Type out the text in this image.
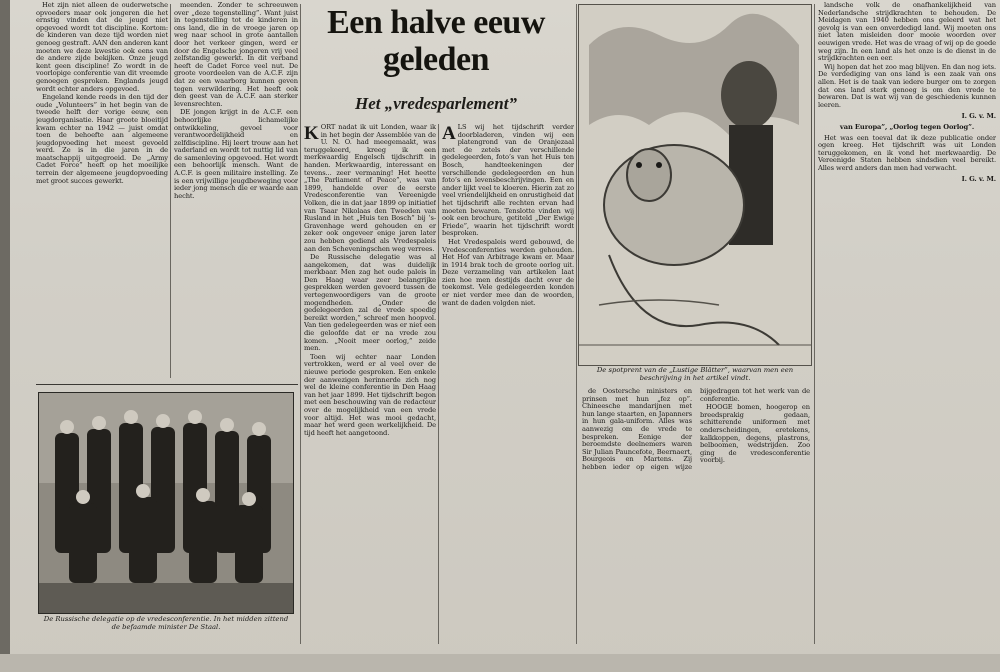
Het zijn niet alleen de ouderwetsche opvoeders maar ook jongeren die het ernstig vinden dat de jeugd niet opgevoed wordt tot discipline. Kortom: de kinderen van deze tijd worden niet genoeg gestraft. AAN den anderen kant moeten we deze kwestie ook eens van de andere zijde bekijken. Onze jeugd kent geen discipline! Zo wordt in de voorlopige conferentie van dit vreemde genoegen gesproken. Englands jeugd wordt echter anders opgevoed.

Engeland kende reeds in den tijd der oude „Volunteers” in het begin van de tweede helft der vorige eeuw, een jeugdorganisatie. Haar groote bloeitijd kwam echter na 1942 — juist omdat toen de behoefte aan algemeene jeugdopvoeding het meest gevoeld werd. Ze is in die jaren in de maatschappij uitgegroeid. De „Army Cadet Force” heeft op het moeilijke terrein der algemeene jeugdopvoeding met groot succes gewerkt.

meenden. Zonder te schreeuwen over „deze tegenstelling”. Want juist in tegenstelling tot de kinderen in ons land, die in de vroege jaren op weg naar school in grote aantallen door het verkeer gingen, werd er door de Engelsche jongeren vrij veel zelfstandig gewerkt. In dit verband heeft de Cadet Force veel nut. De groote voordeelen van de A.C.F. zijn dat ze een waarborg kunnen geven tegen verwildering. Het heeft ook den geest van de A.C.F. aan sterker levensrechten.

DE jongen krijgt in de A.C.F. een behoorlijke lichamelijke ontwikkeling, gevoel voor verantwoordelijkheid en zelfdiscipline. Hij leert trouw aan het vaderland en wordt tot nuttig lid van de samenleving opgevoed. Het wordt een behoorlijk mensch. Want de A.C.F. is geen militaire instelling. Ze is een vrijwillige jeugdbeweging voor ieder jong mensch die er waarde aan hecht.

Een halve eeuw geleden
Het „vredesparlement”

KORT nadat ik uit Londen, waar ik in het begin der Assemblée van de U. N. O. had meegemaakt, was teruggekeerd, kreeg ik een merkwaardig Engelsch tijdschrift in handen. Merkwaardig, interessant en tevens... zeer vermaning! Het heette „The Parliament of Peace”, was van 1899, handelde over de eerste Vredesconferentie van Vereenigde Volken, die in dat jaar 1899 op initiatief van Tsaar Nikolaas den Tweeden van Rusland in het „Huis ten Bosch” bij ’s-Gravenhage werd gehouden en er zeker ook ongeveer enige jaren later zou hebben gediend als Vredespaleis aan den Scheveningschen weg verrees.

De Russische delegatie was al aangekomen, dat was duidelijk merkbaar. Men zag het oude paleis in Den Haag waar zeer belangrijke gesprekken werden gevoerd tussen de vertegenwoordigers van de groote mogendheden. „Onder de gedelegeerden zal de vrede spoedig bereikt worden,” schreef men hoopvol. Van tien gedelegeerden was er niet een die geloofde dat er na vrede zou komen. „Nooit meer oorlog,” zeide men.

Toen wij echter naar Londen vertrokken, werd er al veel over de nieuwe periode gesproken. Een enkele der aanwezigen herinnerde zich nog wel de kleine conferentie in Den Haag van het jaar 1899. Het tijdschrift begon met een beschouwing van de redacteur over de mogelijkheid van een vrede voor altijd. Het was mooi gedacht, maar het werd geen werkelijkheid. De tijd heeft het aangetoond.

ALS wij het tijdschrift verder doorbladeren, vinden wij een platengrond van de Oranjezaal met de zetels der verschillende gedelegeerden, foto’s van het Huis ten Bosch, handteekeningen der verschillende gedelegeerden en hun foto’s en levensbeschrijvingen. Een en ander lijkt veel te kloeren. Hierin zat zo veel vriendelijkheid en onrustigheid dat het tijdschrift alle rechten ervan had moeten bewaren. Tenslotte vinden wij ook een brochure, getiteld „Der Ewige Friede”, waarin het tijdschrift wordt besproken.

Het Vredespaleis werd gebouwd, de Vredesconferenties werden gehouden. Het Hof van Arbitrage kwam er. Maar in 1914 brak toch de groote oorlog uit. Deze verzameling van artikelen laat zien hoe men destijds dacht over de toekomst. Vele gedelegeerden konden er niet verder mee dan de woorden, want de daden volgden niet.

De spotprent van de „Lustige Blätter”, waarvan men een beschrijving in het artikel vindt.

de Oostersche ministers en prinsen met hun „fez op”. Chineesche mandarijnen met hun lange staarten, en Japanners in hun gala-uniform. Alles was aanwezig om de vrede te bespreken. Eenige der beroemdste deelnemers waren Sir Julian Pauncefote, Beernaert, Bourgeois en Martens. Zij hebben ieder op eigen wijze bijgedragen tot het werk van de conferentie.

HOOGE bomen, hoogerop en breedsprakig gedaan, schitterende uniformen met onderscheidingen, eretekens, kalkkoppen, degens, plastrons, belboomen, wedstrijden. Zoo ging de vredesconferentie voorbij.

landsche volk de onafhankelijkheid van Nederlandsche strijdkrachten te behouden. De Meidagen van 1940 hebben ons geleerd wat het gevolg is van een onverdedigd land. Wij moeten ons niet laten misleiden door mooie woorden over eeuwigen vrede. Het was de vraag of wij op de goede weg zijn. In een land als het onze is de dienst in de strijdkrachten een eer.

Wij hopen dat het zoo mag blijven. En dan nog iets. De verdediging van ons land is een zaak van ons allen. Het is de taak van iedere burger om te zorgen dat ons land sterk genoeg is om den vrede te bewaren. Dat is wat wij van de geschiedenis kunnen leeren.

I. G. v. M.

van Europa”, „Oorlog tegen Oorlog”.

Het was een toeval dat ik deze publicatie onder ogen kreeg. Het tijdschrift was uit Londen teruggekomen, en ik vond het merkwaardig. De Vereenigde Staten hebben sindsdien veel bereikt. Alles werd anders dan men had verwacht.

I. G. v. M.

De Russische delegatie op de vredesconferentie. In het midden zittend de befaamde minister De Staal.
